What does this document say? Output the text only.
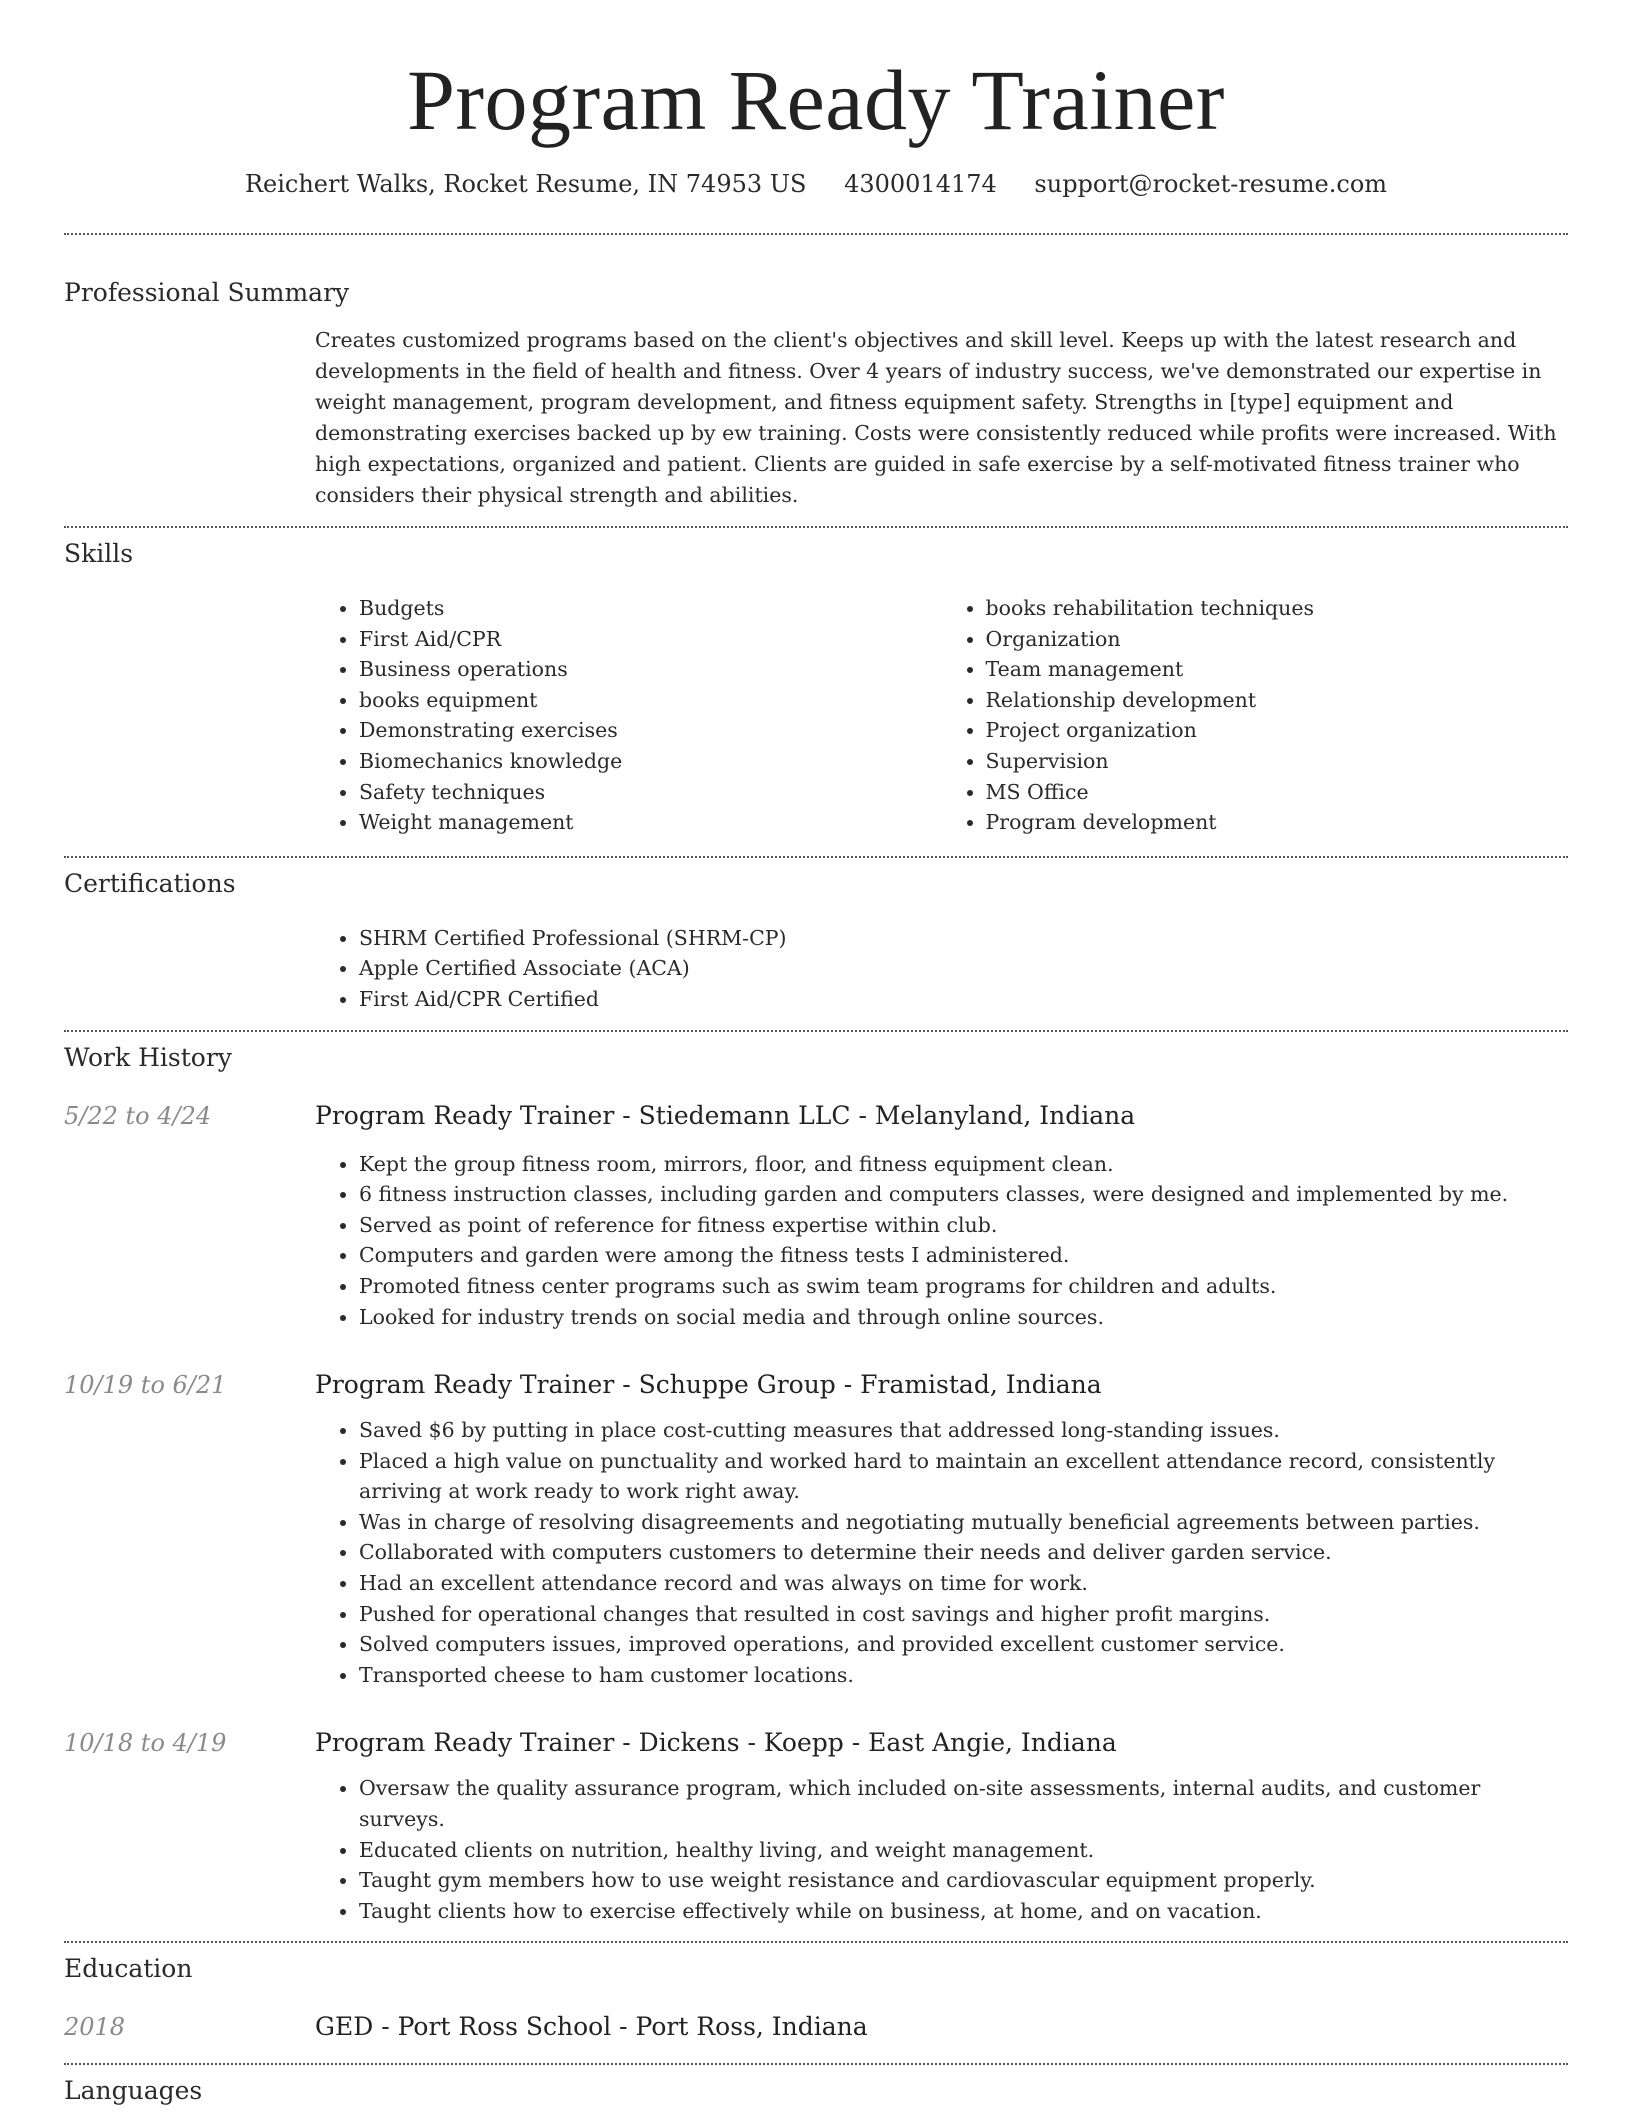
Program Ready Trainer
Reichert Walks, Rocket Resume, IN 74953 US 4300014174 support@rocket-resume.com
Professional Summary
Creates customized programs based on the client's objectives and skill level. Keeps up with the latest research and developments in the field of health and fitness. Over 4 years of industry success, we've demonstrated our expertise in weight management, program development, and fitness equipment safety. Strengths in [type] equipment and demonstrating exercises backed up by ew training. Costs were consistently reduced while profits were increased. With high expectations, organized and patient. Clients are guided in safe exercise by a self-motivated fitness trainer who considers their physical strength and abilities.
Skills
• Budgets
• First Aid/CPR
• Business operations
• books equipment
• Demonstrating exercises
• Biomechanics knowledge
• Safety techniques
• Weight management
• books rehabilitation techniques
• Organization
• Team management
• Relationship development
• Project organization
• Supervision
• MS Office
• Program development
Certifications
• SHRM Certified Professional (SHRM-CP)
• Apple Certified Associate (ACA)
• First Aid/CPR Certified
Work History
5/22 to 4/24	Program Ready Trainer - Stiedemann LLC - Melanyland, Indiana
• Kept the group fitness room, mirrors, floor, and fitness equipment clean.
• 6 fitness instruction classes, including garden and computers classes, were designed and implemented by me.
• Served as point of reference for fitness expertise within club.
• Computers and garden were among the fitness tests I administered.
• Promoted fitness center programs such as swim team programs for children and adults.
• Looked for industry trends on social media and through online sources.
10/19 to 6/21	Program Ready Trainer - Schuppe Group - Framistad, Indiana
• Saved $6 by putting in place cost-cutting measures that addressed long-standing issues.
• Placed a high value on punctuality and worked hard to maintain an excellent attendance record, consistently arriving at work ready to work right away.
• Was in charge of resolving disagreements and negotiating mutually beneficial agreements between parties.
• Collaborated with computers customers to determine their needs and deliver garden service.
• Had an excellent attendance record and was always on time for work.
• Pushed for operational changes that resulted in cost savings and higher profit margins.
• Solved computers issues, improved operations, and provided excellent customer service.
• Transported cheese to ham customer locations.
10/18 to 4/19	Program Ready Trainer - Dickens - Koepp - East Angie, Indiana
• Oversaw the quality assurance program, which included on-site assessments, internal audits, and customer surveys.
• Educated clients on nutrition, healthy living, and weight management.
• Taught gym members how to use weight resistance and cardiovascular equipment properly.
• Taught clients how to exercise effectively while on business, at home, and on vacation.
Education
2018	GED - Port Ross School - Port Ross, Indiana
Languages
